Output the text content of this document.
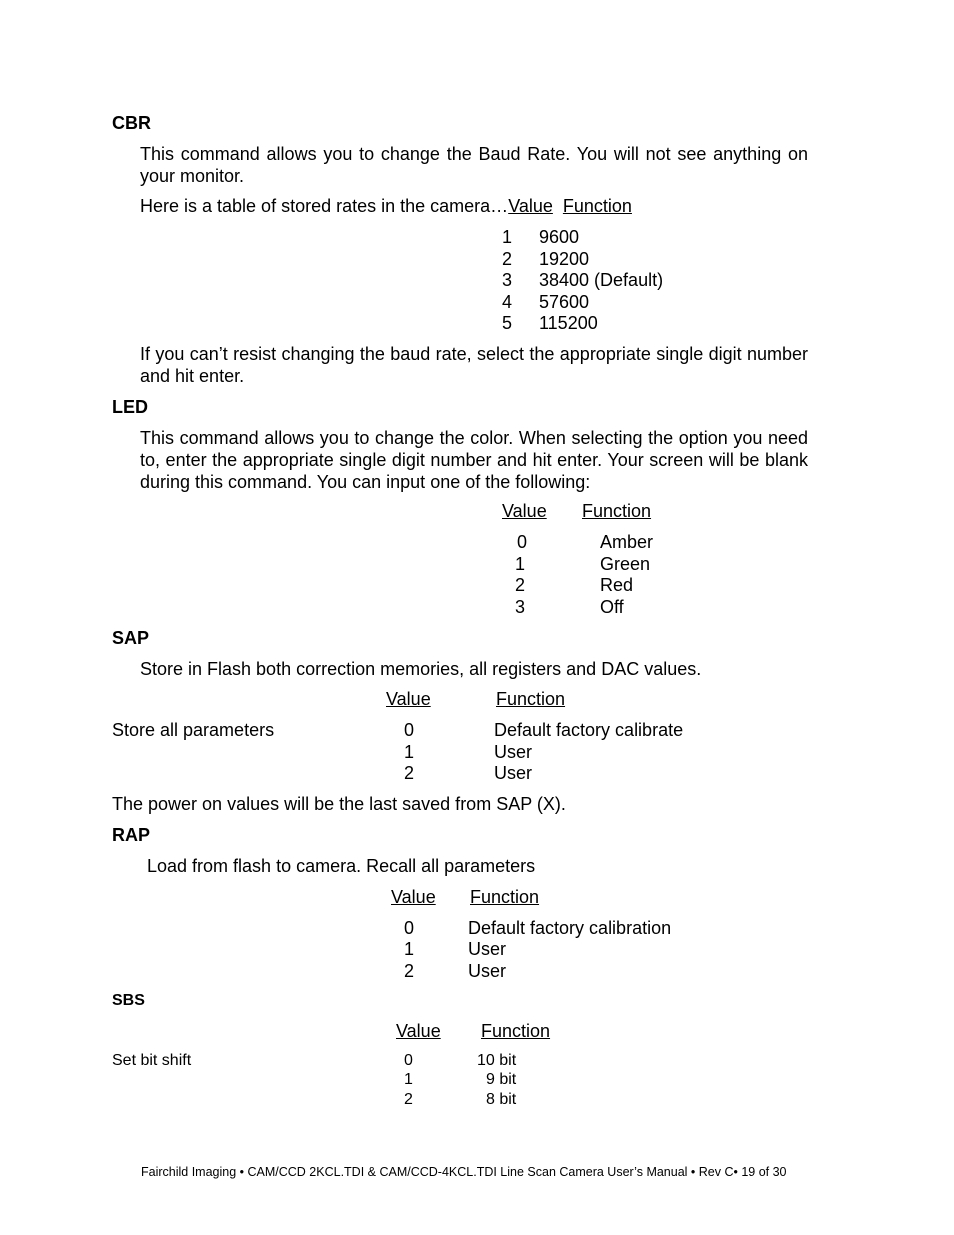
CBR
This command allows you to change the Baud Rate. You will not see anything on your monitor.
Here is a table of stored rates in the camera…Value Function
1 9600
2 19200
3 38400 (Default)
4 57600
5 115200
If you can’t resist changing the baud rate, select the appropriate single digit number and hit enter.
LED
This command allows you to change the color. When selecting the option you need to, enter the appropriate single digit number and hit enter. Your screen will be blank during this command. You can input one of the following:
Value Function
0	Amber
1	Green
2	Red
3	Off
SAP
Store in Flash both correction memories, all registers and DAC values.
Value	Function
Store all parameters	0	Default factory calibrate
1	User
2	User
The power on values will be the last saved from SAP (X).
RAP
Load from flash to camera. Recall all parameters
Value Function
0	Default factory calibration
1	User
2	User
SBS
Value Function
Set bit shift	0	10 bit
1	9 bit
2	8 bit
Fairchild Imaging • CAM/CCD 2KCL.TDI & CAM/CCD-4KCL.TDI Line Scan Camera User’s Manual • Rev C• 19 of 30
